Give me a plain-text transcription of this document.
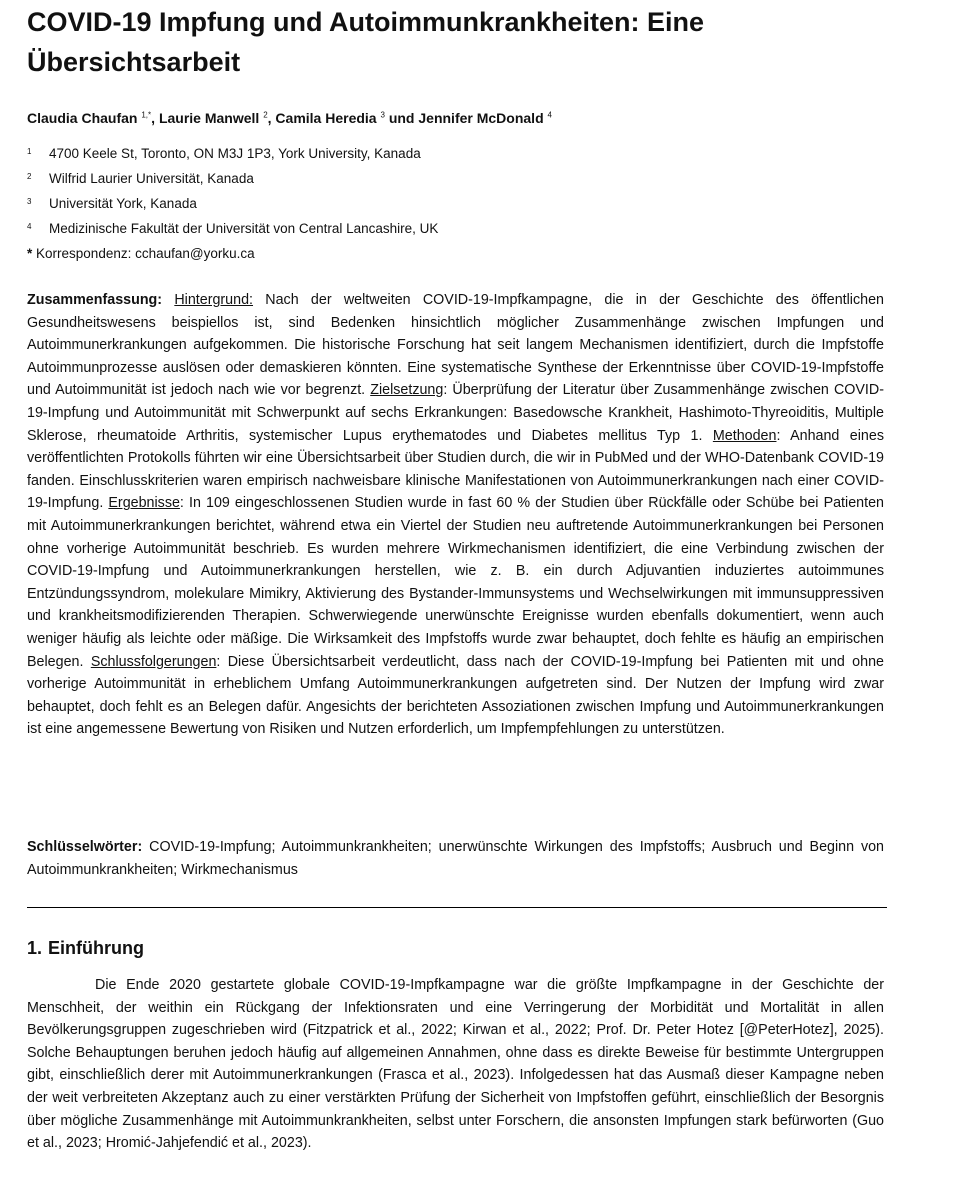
COVID-19 Impfung und Autoimmunkrankheiten: Eine Übersichtsarbeit
Claudia Chaufan $^{1,*}$, Laurie Manwell $^2$, Camila Heredia $^3$ und Jennifer McDonald $^4$
1	4700 Keele St, Toronto, ON M3J 1P3, York University, Kanada
2	Wilfrid Laurier Universität, Kanada
3	Universität York, Kanada
4	Medizinische Fakultät der Universität von Central Lancashire, UK
* Korrespondenz: cchaufan@yorku.ca
Zusammenfassung: Hintergrund: Nach der weltweiten COVID-19-Impfkampagne, die in der Geschichte des öffentlichen Gesundheitswesens beispiellos ist, sind Bedenken hinsichtlich möglicher Zusammenhänge zwischen Impfungen und Autoimmunerkrankungen aufgekommen. Die historische Forschung hat seit langem Mechanismen identifiziert, durch die Impfstoffe Autoimmunprozesse auslösen oder demaskieren könnten. Eine systematische Synthese der Erkenntnisse über COVID-19-Impfstoffe und Autoimmunität ist jedoch nach wie vor begrenzt. Zielsetzung: Überprüfung der Literatur über Zusammenhänge zwischen COVID-19-Impfung und Autoimmunität mit Schwerpunkt auf sechs Erkrankungen: Basedowsche Krankheit, Hashimoto-Thyreoiditis, Multiple Sklerose, rheumatoide Arthritis, systemischer Lupus erythematodes und Diabetes mellitus Typ 1. Methoden: Anhand eines veröffentlichten Protokolls führten wir eine Übersichtsarbeit über Studien durch, die wir in PubMed und der WHO-Datenbank COVID-19 fanden. Einschlusskriterien waren empirisch nachweisbare klinische Manifestationen von Autoimmunerkrankungen nach einer COVID-19-Impfung. Ergebnisse: In 109 eingeschlossenen Studien wurde in fast 60 % der Studien über Rückfälle oder Schübe bei Patienten mit Autoimmunerkrankungen berichtet, während etwa ein Viertel der Studien neu auftretende Autoimmunerkrankungen bei Personen ohne vorherige Autoimmunität beschrieb. Es wurden mehrere Wirkmechanismen identifiziert, die eine Verbindung zwischen der COVID-19-Impfung und Autoimmunerkrankungen herstellen, wie z. B. ein durch Adjuvantien induziertes autoimmunes Entzündungssyndrom, molekulare Mimikry, Aktivierung des Bystander-Immunsystems und Wechselwirkungen mit immunsuppressiven und krankheitsmodifizierenden Therapien. Schwerwiegende unerwünschte Ereignisse wurden ebenfalls dokumentiert, wenn auch weniger häufig als leichte oder mäßige. Die Wirksamkeit des Impfstoffs wurde zwar behauptet, doch fehlte es häufig an empirischen Belegen. Schlussfolgerungen: Diese Übersichtsarbeit verdeutlicht, dass nach der COVID-19-Impfung bei Patienten mit und ohne vorherige Autoimmunität in erheblichem Umfang Autoimmunerkrankungen aufgetreten sind. Der Nutzen der Impfung wird zwar behauptet, doch fehlt es an Belegen dafür. Angesichts der berichteten Assoziationen zwischen Impfung und Autoimmunerkrankungen ist eine angemessene Bewertung von Risiken und Nutzen erforderlich, um Impfempfehlungen zu unterstützen.
Schlüsselwörter: COVID-19-Impfung; Autoimmunkrankheiten; unerwünschte Wirkungen des Impfstoffs; Ausbruch und Beginn von Autoimmunkrankheiten; Wirkmechanismus
1. Einführung
Die Ende 2020 gestartete globale COVID-19-Impfkampagne war die größte Impfkampagne in der Geschichte der Menschheit, der weithin ein Rückgang der Infektionsraten und eine Verringerung der Morbidität und Mortalität in allen Bevölkerungsgruppen zugeschrieben wird (Fitzpatrick et al., 2022; Kirwan et al., 2022; Prof. Dr. Peter Hotez [@PeterHotez], 2025). Solche Behauptungen beruhen jedoch häufig auf allgemeinen Annahmen, ohne dass es direkte Beweise für bestimmte Untergruppen gibt, einschließlich derer mit Autoimmunerkrankungen (Frasca et al., 2023). Infolgedessen hat das Ausmaß dieser Kampagne neben der weit verbreiteten Akzeptanz auch zu einer verstärkten Prüfung der Sicherheit von Impfstoffen geführt, einschließlich der Besorgnis über mögliche Zusammenhänge mit Autoimmunkrankheiten, selbst unter Forschern, die ansonsten Impfungen stark befürworten (Guo et al., 2023; Hromić-Jahjefendić et al., 2023).
